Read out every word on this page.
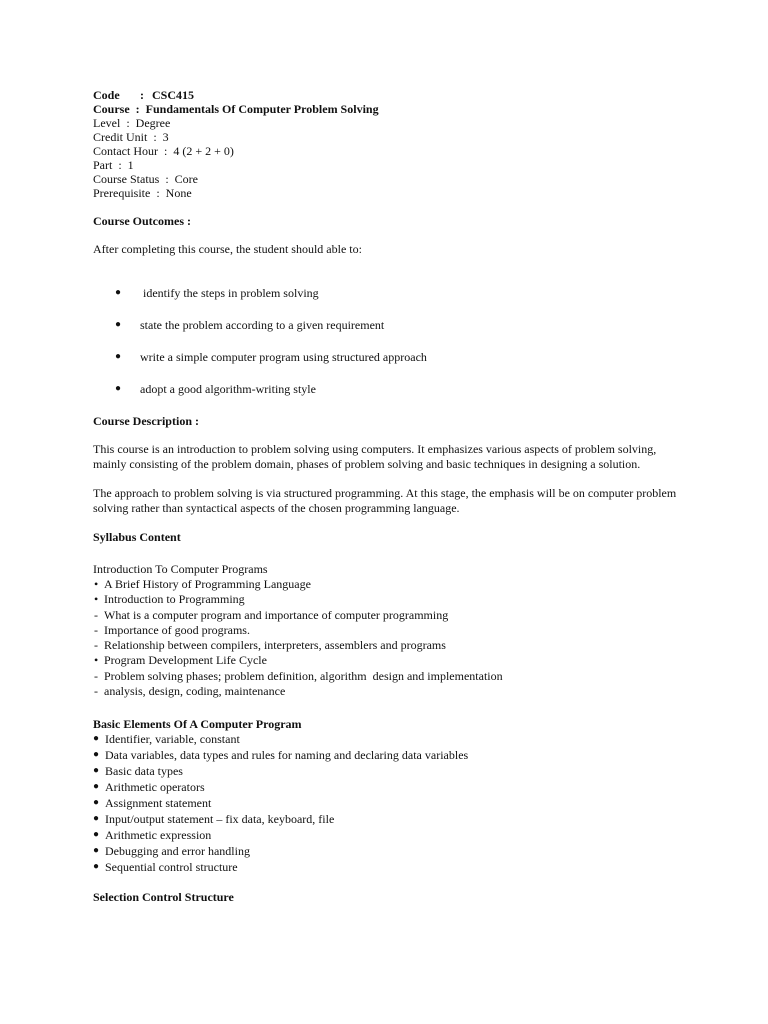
Code : CSC415
Course  :  Fundamentals Of Computer Problem Solving
Level  :  Degree
Credit Unit  :  3
Contact Hour  :  4 (2 + 2 + 0)
Part  :  1
Course Status  :  Core
Prerequisite  :  None
Course Outcomes :
After completing this course, the student should able to:
● identify the steps in problem solving
● state the problem according to a given requirement
● write a simple computer program using structured approach
● adopt a good algorithm-writing style
Course Description :
This course is an introduction to problem solving using computers. It emphasizes various aspects of problem solving, mainly consisting of the problem domain, phases of problem solving and basic techniques in designing a solution.
The approach to problem solving is via structured programming. At this stage, the emphasis will be on computer problem solving rather than syntactical aspects of the chosen programming language.
Syllabus Content
Introduction To Computer Programs
• A Brief History of Programming Language
• Introduction to Programming
- What is a computer program and importance of computer programming
- Importance of good programs.
- Relationship between compilers, interpreters, assemblers and programs
• Program Development Life Cycle
- Problem solving phases; problem definition, algorithm  design and implementation
- analysis, design, coding, maintenance
Basic Elements Of A Computer Program
● Identifier, variable, constant
● Data variables, data types and rules for naming and declaring data variables
● Basic data types
● Arithmetic operators
● Assignment statement
● Input/output statement – fix data, keyboard, file
● Arithmetic expression
● Debugging and error handling
● Sequential control structure
Selection Control Structure
